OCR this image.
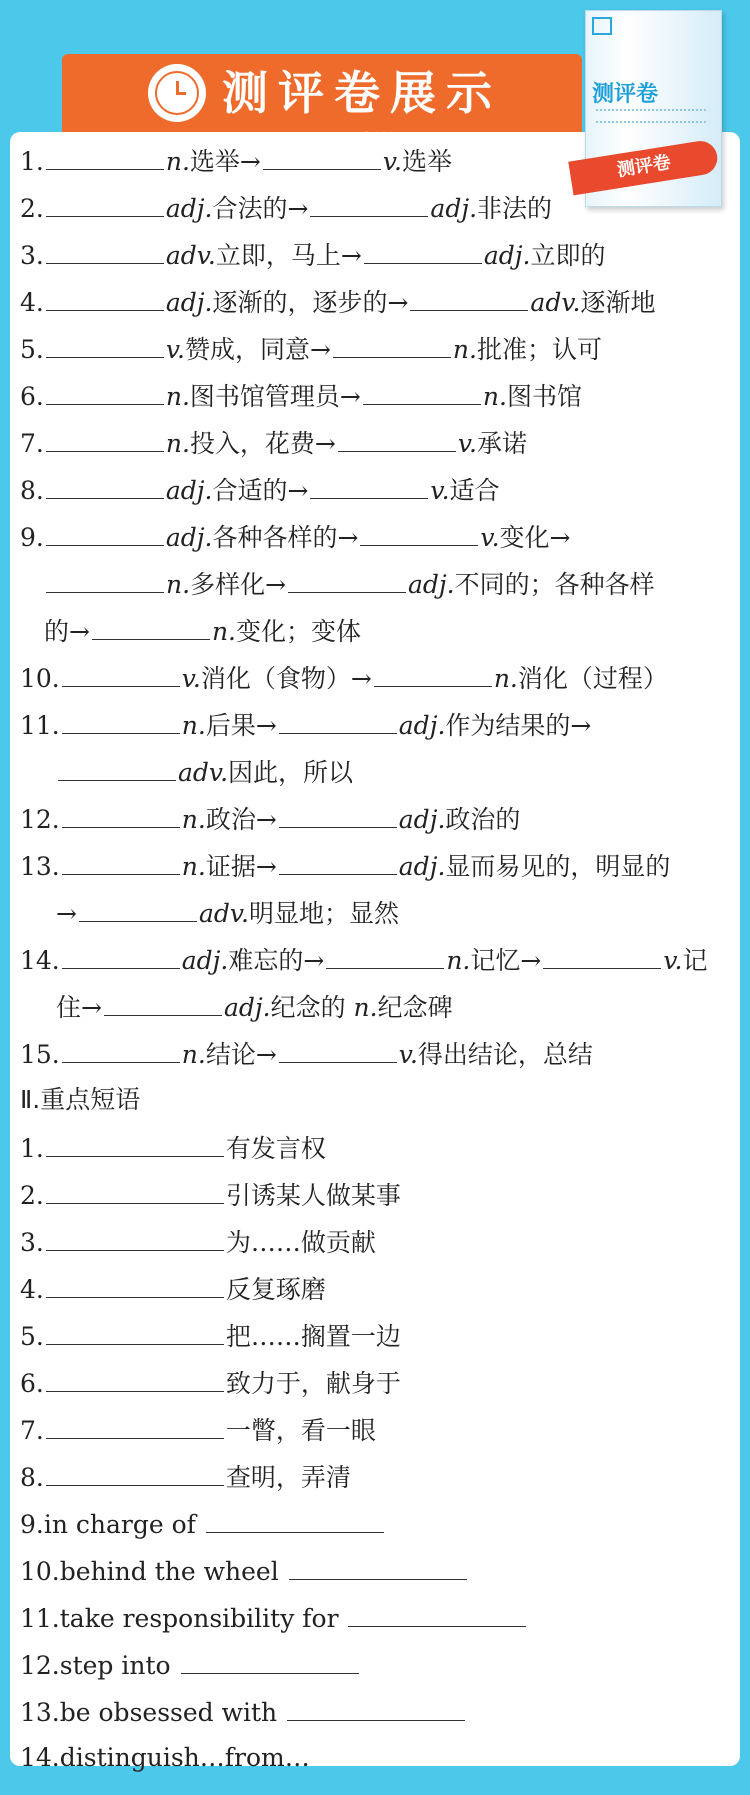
测评卷展示	测评卷
测评卷
1.	n.选举→	v.选举
2.	adj.合法的→	adj.非法的
3.	adv.立即，马上→	adj.立即的
4.	adj.逐渐的，逐步的→	adv.逐渐地
5.	v.赞成，同意→	n.批准；认可
6.	n.图书馆管理员→	n.图书馆
7.	n.投入，花费→	v.承诺
8.	adj.合适的→	v.适合
9.	adj.各种各样的→	v.变化→
n.多样化→	adj.不同的；各种各样
的→	n.变化；变体
10.	v.消化（食物）→	n.消化（过程）
11.	n.后果→	adj.作为结果的→
adv.因此，所以
12.	n.政治→	adj.政治的
13.	n.证据→	adj.显而易见的，明显的
→	adv.明显地；显然
14.	adj.难忘的→	n.记忆→	v.记
住→	adj.纪念的 n.纪念碑
15.	n.结论→	v.得出结论，总结
Ⅱ.重点短语
1.	有发言权
2.	引诱某人做某事
3.	为……做贡献
4.	反复琢磨
5.	把……搁置一边
6.	致力于，献身于
7.	一瞥，看一眼
8.	查明，弄清
9.in charge of
10.behind the wheel
11.take responsibility for
12.step into
13.be obsessed with
14.distinguish…from…
